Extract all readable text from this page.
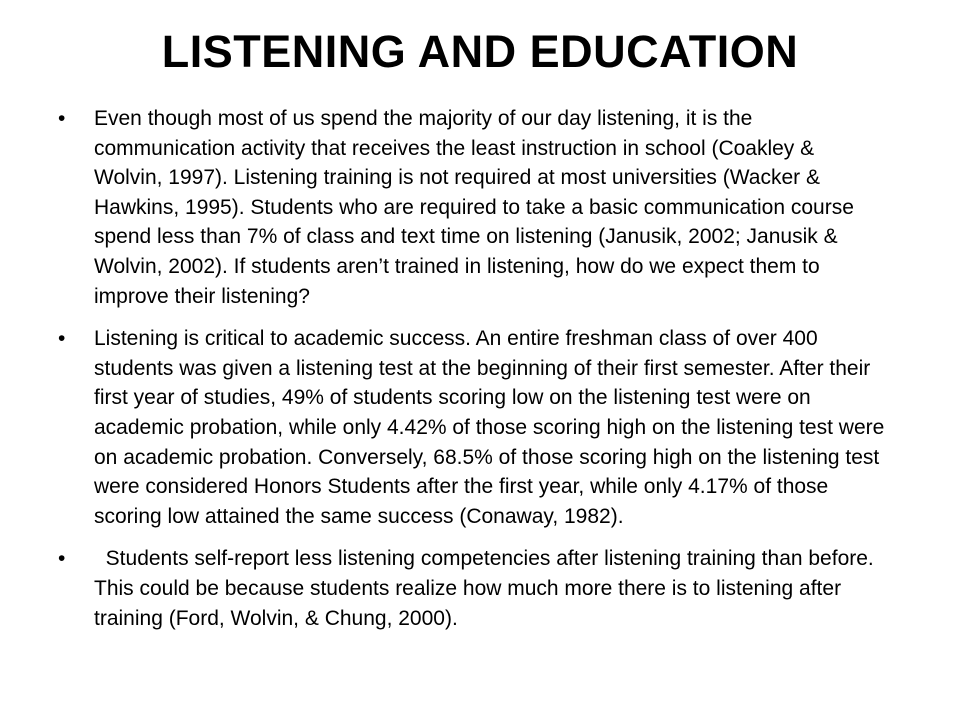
LISTENING AND EDUCATION
•	Even though most of us spend the majority of our day listening, it is the communication activity that receives the least instruction in school (Coakley & Wolvin, 1997). Listening training is not required at most universities (Wacker & Hawkins, 1995). Students who are required to take a basic communication course spend less than 7% of class and text time on listening (Janusik, 2002; Janusik & Wolvin, 2002). If students aren’t trained in listening, how do we expect them to improve their listening?
•	Listening is critical to academic success. An entire freshman class of over 400 students was given a listening test at the beginning of their first semester. After their first year of studies, 49% of students scoring low on the listening test were on academic probation, while only 4.42% of those scoring high on the listening test were on academic probation. Conversely, 68.5% of those scoring high on the listening test were considered Honors Students after the first year, while only 4.17% of those scoring low attained the same success (Conaway, 1982).
•	Students self-report less listening competencies after listening training than before. This could be because students realize how much more there is to listening after training (Ford, Wolvin, & Chung, 2000).
